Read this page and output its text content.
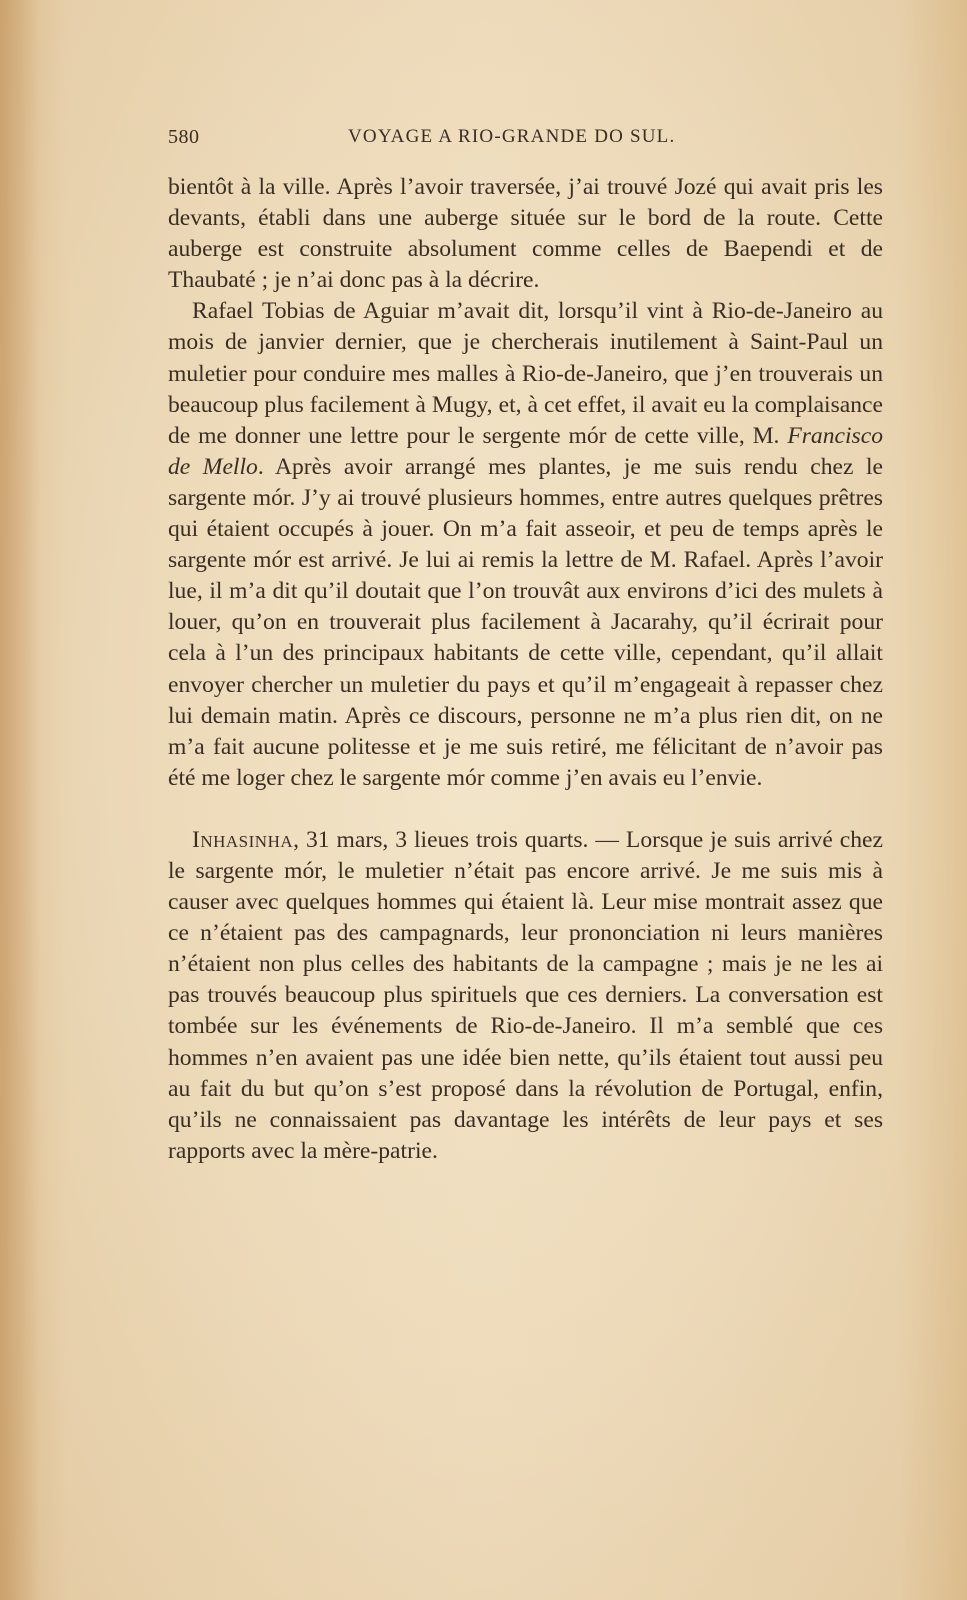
580	VOYAGE A RIO-GRANDE DO SUL.

bientôt à la ville. Après l’avoir traversée, j’ai trouvé Jozé qui avait pris les devants, établi dans une auberge située sur le bord de la route. Cette auberge est construite absolument comme celles de Baependi et de Thaubaté ; je n’ai donc pas à la décrire.

Rafael Tobias de Aguiar m’avait dit, lorsqu’il vint à Rio-de-Janeiro au mois de janvier dernier, que je chercherais inutilement à Saint-Paul un muletier pour conduire mes malles à Rio-de-Janeiro, que j’en trouverais un beaucoup plus facilement à Mugy, et, à cet effet, il avait eu la complaisance de me donner une lettre pour le sergente mór de cette ville, M. Francisco de Mello. Après avoir arrangé mes plantes, je me suis rendu chez le sargente mór. J’y ai trouvé plusieurs hommes, entre autres quelques prêtres qui étaient occupés à jouer. On m’a fait asseoir, et peu de temps après le sargente mór est arrivé. Je lui ai remis la lettre de M. Rafael. Après l’avoir lue, il m’a dit qu’il doutait que l’on trouvât aux environs d’ici des mulets à louer, qu’on en trouverait plus facilement à Jacarahy, qu’il écrirait pour cela à l’un des principaux habitants de cette ville, cependant, qu’il allait envoyer chercher un muletier du pays et qu’il m’engageait à repasser chez lui demain matin. Après ce discours, personne ne m’a plus rien dit, on ne m’a fait aucune politesse et je me suis retiré, me félicitant de n’avoir pas été me loger chez le sargente mór comme j’en avais eu l’envie.

Inhasinha, 31 mars, 3 lieues trois quarts. — Lorsque je suis arrivé chez le sargente mór, le muletier n’était pas encore arrivé. Je me suis mis à causer avec quelques hommes qui étaient là. Leur mise montrait assez que ce n’étaient pas des campagnards, leur prononciation ni leurs manières n’étaient non plus celles des habitants de la campagne ; mais je ne les ai pas trouvés beaucoup plus spirituels que ces derniers. La conversation est tombée sur les événements de Rio-de-Janeiro. Il m’a semblé que ces hommes n’en avaient pas une idée bien nette, qu’ils étaient tout aussi peu au fait du but qu’on s’est proposé dans la révolution de Portugal, enfin, qu’ils ne connaissaient pas davantage les intérêts de leur pays et ses rapports avec la mère-patrie.
